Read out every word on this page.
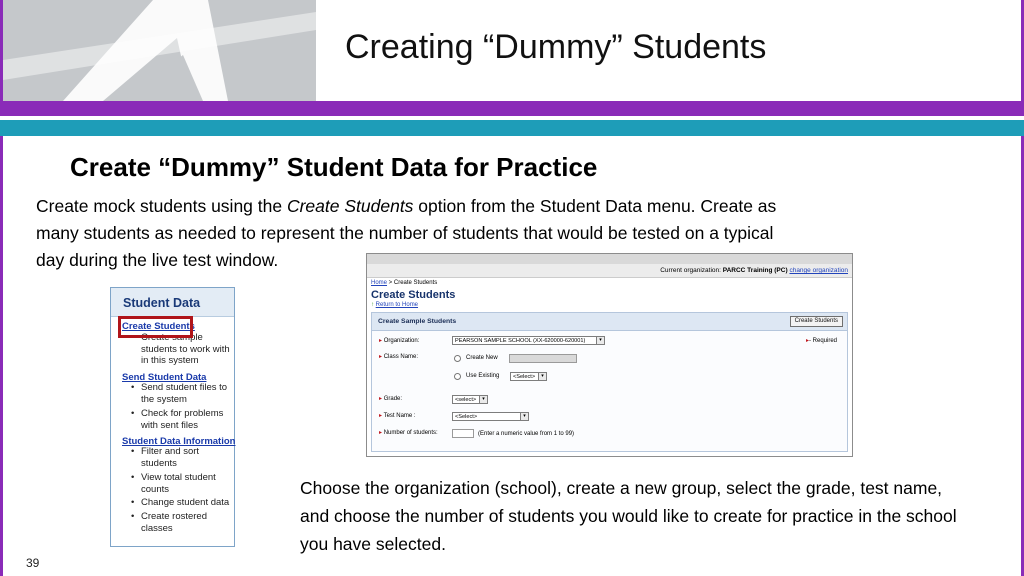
Creating “Dummy” Students
Create “Dummy” Student Data for Practice
Create mock students using the Create Students option from the Student Data menu. Create as
many students as needed to represent the number of students that would be tested on a typical
day during the live test window.
Choose the organization (school), create a new group, select the grade, test name, and choose the number of students you would like to create for practice in the school you have selected.
39
Student Data
Create Students
• Create sample students to work with in this system
Send Student Data
• Send student files to the system
• Check for problems with sent files
Student Data Information
• Filter and sort students
• View total student counts
• Change student data
• Create rostered classes
Current organization: PARCC Training (PC) change organization
Home > Create Students
Create Students
↑ Return to Home
Create Sample Students	Create Students
▸- Required
▸ Organization:	PEARSON SAMPLE SCHOOL (XX-620000-620001)	▾
▸ Class Name:	Create New
Use Existing	<Select>	▾
▸ Grade:	<select>	▾
▸ Test Name :	<Select>	▾
▸ Number of students:	(Enter a numeric value from 1 to 99)
